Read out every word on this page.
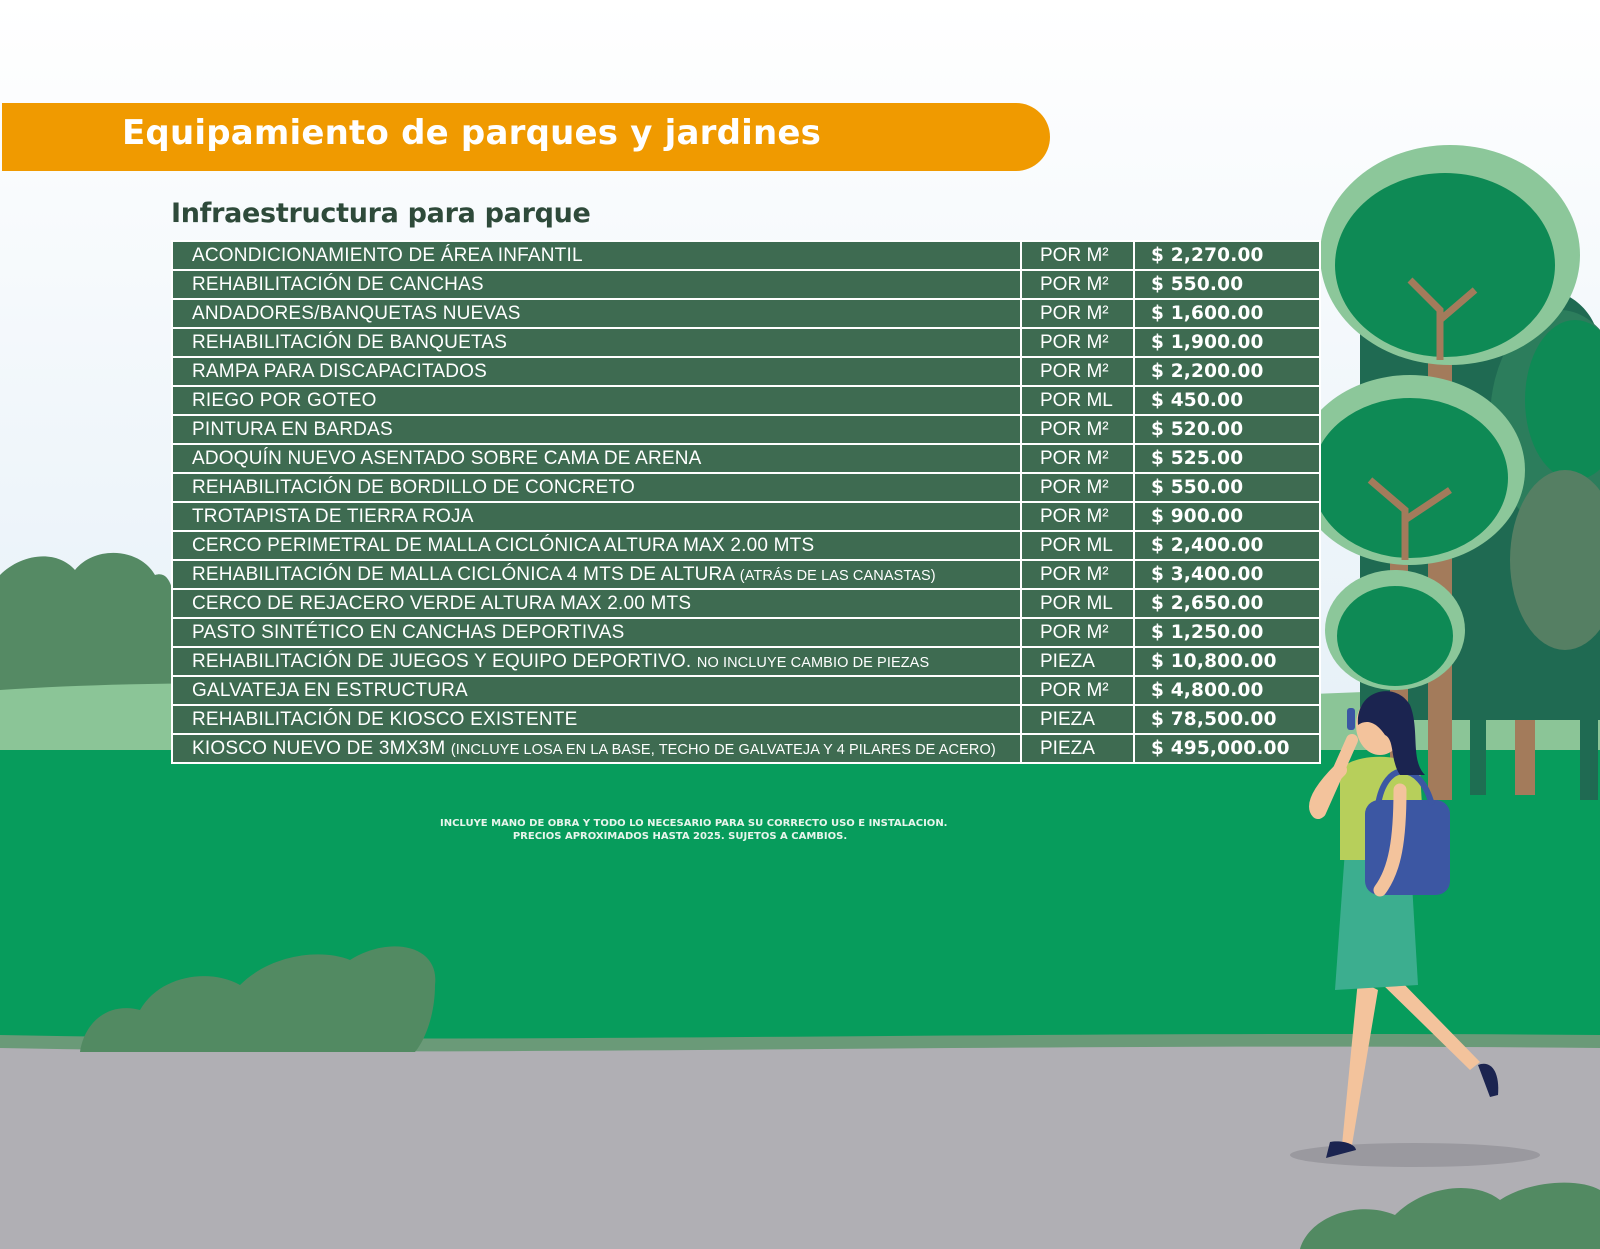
Equipamiento de parques y jardines
Infraestructura para parque
ACONDICIONAMIENTO DE ÁREA INFANTIL	POR M²	$ 2,270.00
REHABILITACIÓN DE CANCHAS	POR M²	$ 550.00
ANDADORES/BANQUETAS NUEVAS	POR M²	$ 1,600.00
REHABILITACIÓN DE BANQUETAS	POR M²	$ 1,900.00
RAMPA PARA DISCAPACITADOS	POR M²	$ 2,200.00
RIEGO POR GOTEO	POR ML	$ 450.00
PINTURA EN BARDAS	POR M²	$ 520.00
ADOQUÍN NUEVO ASENTADO SOBRE CAMA DE ARENA	POR M²	$ 525.00
REHABILITACIÓN DE BORDILLO DE CONCRETO	POR M²	$ 550.00
TROTAPISTA DE TIERRA ROJA	POR M²	$ 900.00
CERCO PERIMETRAL DE MALLA CICLÓNICA ALTURA MAX 2.00 MTS	POR ML	$ 2,400.00
REHABILITACIÓN DE MALLA CICLÓNICA 4 MTS DE ALTURA (ATRÁS DE LAS CANASTAS)	POR M²	$ 3,400.00
CERCO DE REJACERO VERDE ALTURA MAX 2.00 MTS	POR ML	$ 2,650.00
PASTO SINTÉTICO EN CANCHAS DEPORTIVAS	POR M²	$ 1,250.00
REHABILITACIÓN DE JUEGOS Y EQUIPO DEPORTIVO. NO INCLUYE CAMBIO DE PIEZAS	PIEZA	$ 10,800.00
GALVATEJA EN ESTRUCTURA	POR M²	$ 4,800.00
REHABILITACIÓN DE KIOSCO EXISTENTE	PIEZA	$ 78,500.00
KIOSCO NUEVO DE 3MX3M (INCLUYE LOSA EN LA BASE, TECHO DE GALVATEJA Y 4 PILARES DE ACERO)	PIEZA	$ 495,000.00
INCLUYE MANO DE OBRA Y TODO LO NECESARIO PARA SU CORRECTO USO E INSTALACION.
PRECIOS APROXIMADOS HASTA 2025. SUJETOS A CAMBIOS.
